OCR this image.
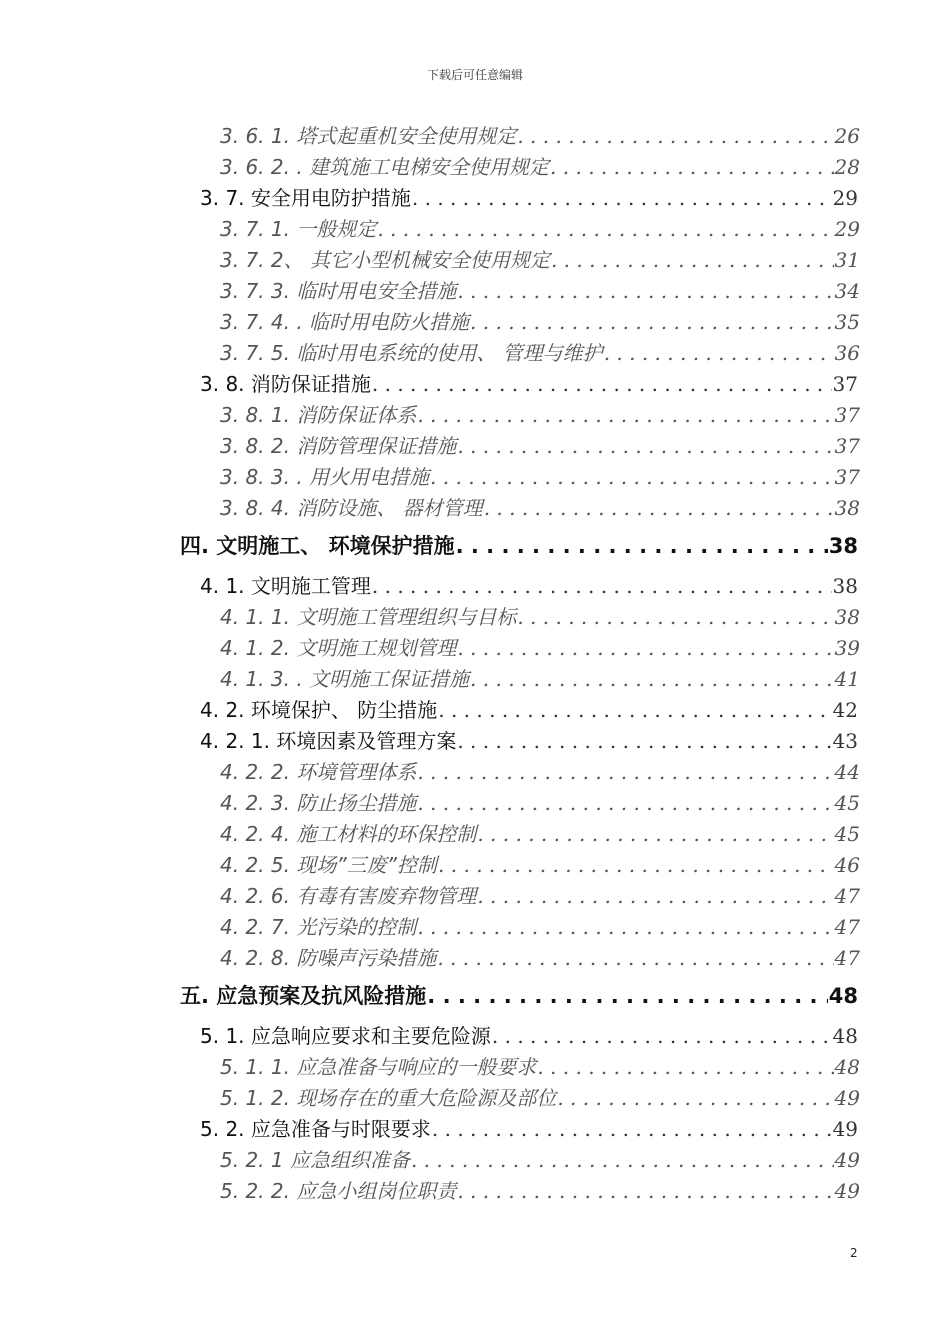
下载后可任意编辑
3. 6. 1. 塔式起重机安全使用规定 . . .	26
3. 6. 2. . 建筑施工电梯安全使用规定 . . .	28
3. 7. 安全用电防护措施 . . .	29
3. 7. 1. 一般规定 . . .	29
3. 7. 2、 其它小型机械安全使用规定 . . .	31
3. 7. 3. 临时用电安全措施 . . .	34
3. 7. 4. . 临时用电防火措施 . . .	35
3. 7. 5. 临时用电系统的使用、 管理与维护 . . .	36
3. 8. 消防保证措施 . . .	37
3. 8. 1. 消防保证体系 . . .	37
3. 8. 2. 消防管理保证措施 . . .	37
3. 8. 3. . 用火用电措施 . . .	37
3. 8. 4. 消防设施、 器材管理 . . .	38
四. 文明施工、 环境保护措施 . . .	38
4. 1. 文明施工管理 . . .	38
4. 1. 1. 文明施工管理组织与目标 . . .	38
4. 1. 2. 文明施工规划管理 . . .	39
4. 1. 3. . 文明施工保证措施 . . .	41
4. 2. 环境保护、 防尘措施 . . .	42
4. 2. 1. 环境因素及管理方案 . . .	43
4. 2. 2. 环境管理体系 . . .	44
4. 2. 3. 防止扬尘措施 . . .	45
4. 2. 4. 施工材料的环保控制 . . .	45
4. 2. 5. 现场”三废”控制 . . .	46
4. 2. 6. 有毒有害废弃物管理 . . .	47
4. 2. 7. 光污染的控制 . . .	47
4. 2. 8. 防噪声污染措施 . . .	47
五. 应急预案及抗风险措施 . . .	48
5. 1. 应急响应要求和主要危险源 . . .	48
5. 1. 1. 应急准备与响应的一般要求 . . .	48
5. 1. 2. 现场存在的重大危险源及部位 . . .	49
5. 2. 应急准备与时限要求 . . .	49
5. 2. 1 应急组织准备 . . .	49
5. 2. 2. 应急小组岗位职责 . . .	49
2
